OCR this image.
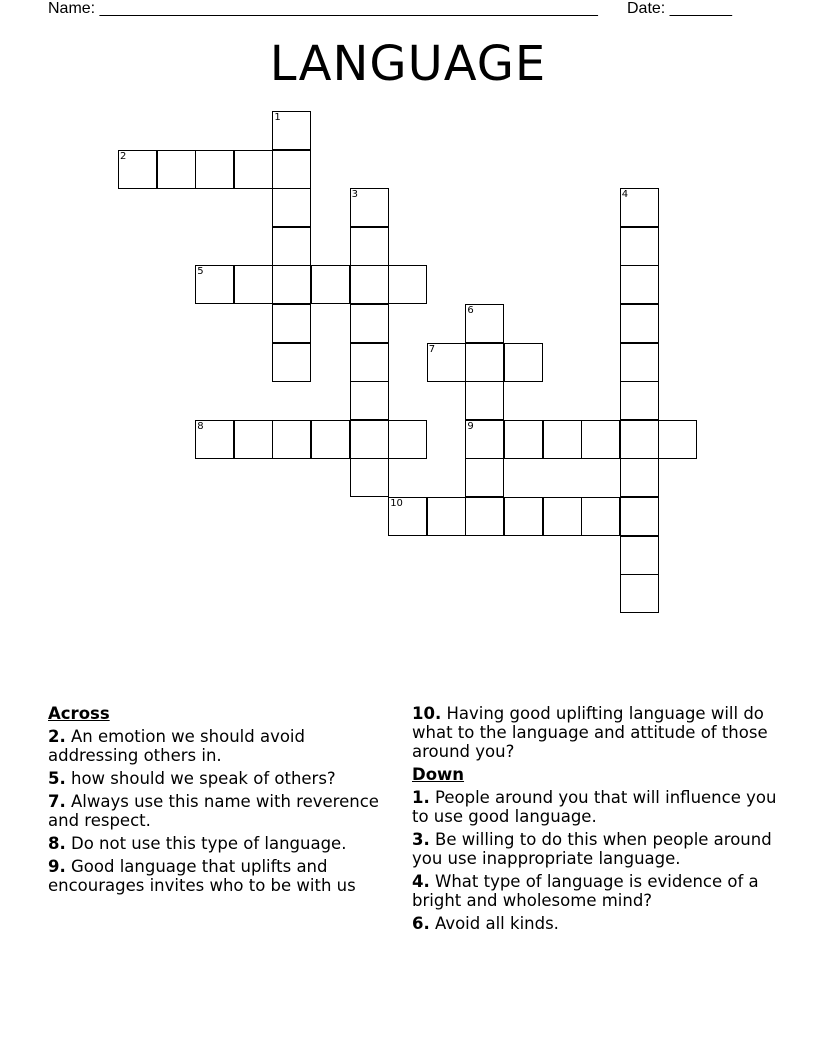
Name: ________________________________________________________ Date: _______
LANGUAGE
1
2
3	4
5
6
7
8	9
10
Across
2. An emotion we should avoid addressing others in.
5. how should we speak of others?
7. Always use this name with reverence and respect.
8. Do not use this type of language.
9. Good language that uplifts and encourages invites who to be with us
10. Having good uplifting language will do what to the language and attitude of those around you?
Down
1. People around you that will influence you to use good language.
3. Be willing to do this when people around you use inappropriate language.
4. What type of language is evidence of a bright and wholesome mind?
6. Avoid all kinds.
